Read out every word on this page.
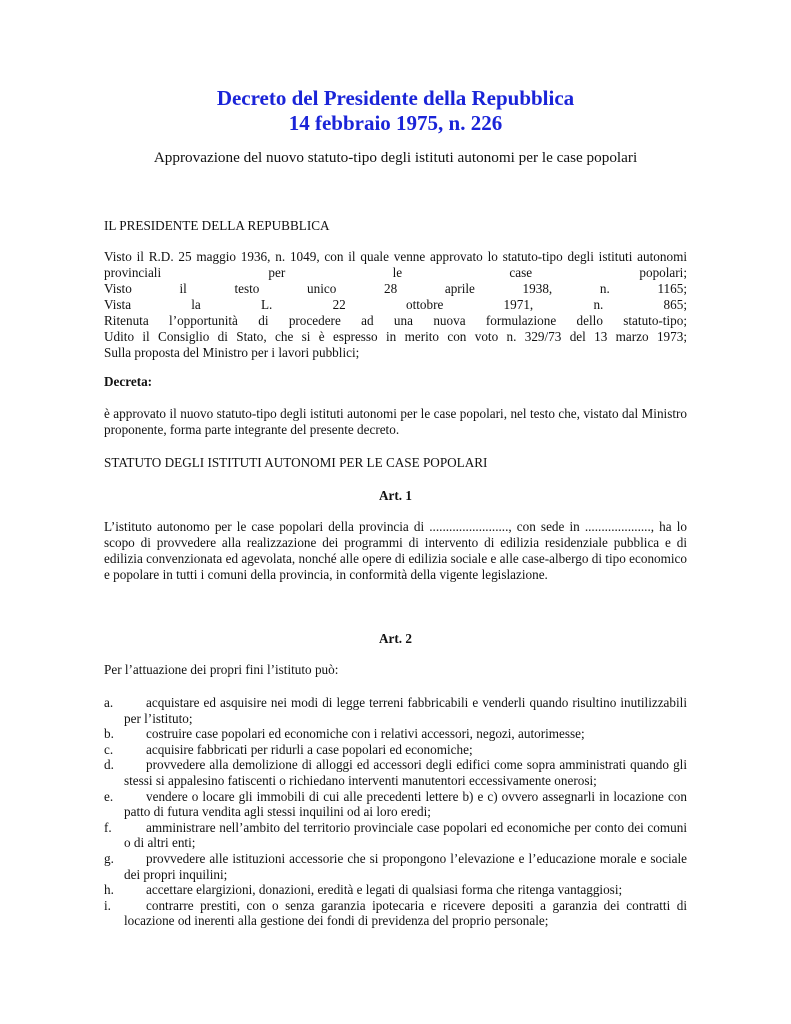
Decreto del Presidente della Repubblica
14 febbraio 1975, n. 226
Approvazione del nuovo statuto-tipo degli istituti autonomi per le case popolari

IL PRESIDENTE DELLA REPUBBLICA

Visto il R.D. 25 maggio 1936, n. 1049, con il quale venne approvato lo statuto-tipo degli istituti autonomi
provinciali per le case popolari;
Visto il testo unico 28 aprile 1938, n. 1165;
Vista la L. 22 ottobre 1971, n. 865;
Ritenuta l’opportunità di procedere ad una nuova formulazione dello statuto-tipo;
Udito il Consiglio di Stato, che si è espresso in merito con voto n. 329/73 del 13 marzo 1973;
Sulla proposta del Ministro per i lavori pubblici;

Decreta:

è approvato il nuovo statuto-tipo degli istituti autonomi per le case popolari, nel testo che, vistato dal Ministro proponente, forma parte integrante del presente decreto.

STATUTO DEGLI ISTITUTI AUTONOMI PER LE CASE POPOLARI

Art. 1

L’istituto autonomo per le case popolari della provincia di ........................, con sede in ...................., ha lo scopo di provvedere alla realizzazione dei programmi di intervento di edilizia residenziale pubblica e di edilizia convenzionata ed agevolata, nonché alle opere di edilizia sociale e alle case-albergo di tipo economico e popolare in tutti i comuni della provincia, in conformità della vigente legislazione.

Art. 2

Per l’attuazione dei propri fini l’istituto può:

a. acquistare ed asquisire nei modi di legge terreni fabbricabili e venderli quando risultino inutilizzabili per l’istituto;
b. costruire case popolari ed economiche con i relativi accessori, negozi, autorimesse;
c. acquisire fabbricati per ridurli a case popolari ed economiche;
d. provvedere alla demolizione di alloggi ed accessori degli edifici come sopra amministrati quando gli stessi si appalesino fatiscenti o richiedano interventi manutentori eccessivamente onerosi;
e. vendere o locare gli immobili di cui alle precedenti lettere b) e c) ovvero assegnarli in locazione con patto di futura vendita agli stessi inquilini od ai loro eredi;
f.	amministrare nell’ambito del territorio provinciale case popolari ed economiche per conto dei comuni o di altri enti;
g. provvedere alle istituzioni accessorie che si propongono l’elevazione e l’educazione morale e sociale dei propri inquilini;
h. accettare elargizioni, donazioni, eredità e legati di qualsiasi forma che ritenga vantaggiosi;
i.	contrarre prestiti, con o senza garanzia ipotecaria e ricevere depositi a garanzia dei contratti di locazione od inerenti alla gestione dei fondi di previdenza del proprio personale;
